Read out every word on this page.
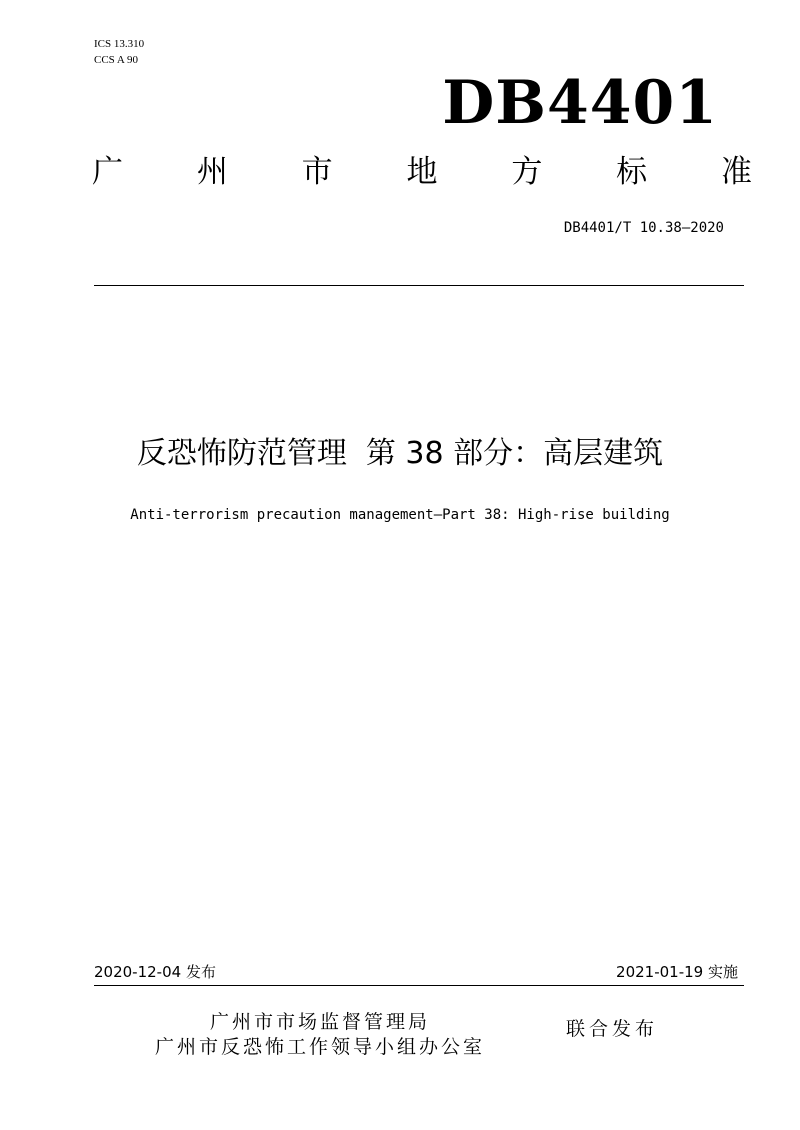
ICS 13.310
CCS A 90
DB4401
广 州 市 地 方 标 准
DB4401/T 10.38—2020
反恐怖防范管理  第 38 部分：高层建筑
Anti-terrorism precaution management—Part 38: High-rise building
2020-12-04 发布	2021-01-19 实施
广州市市场监督管理局
广州市反恐怖工作领导小组办公室
联合发布
